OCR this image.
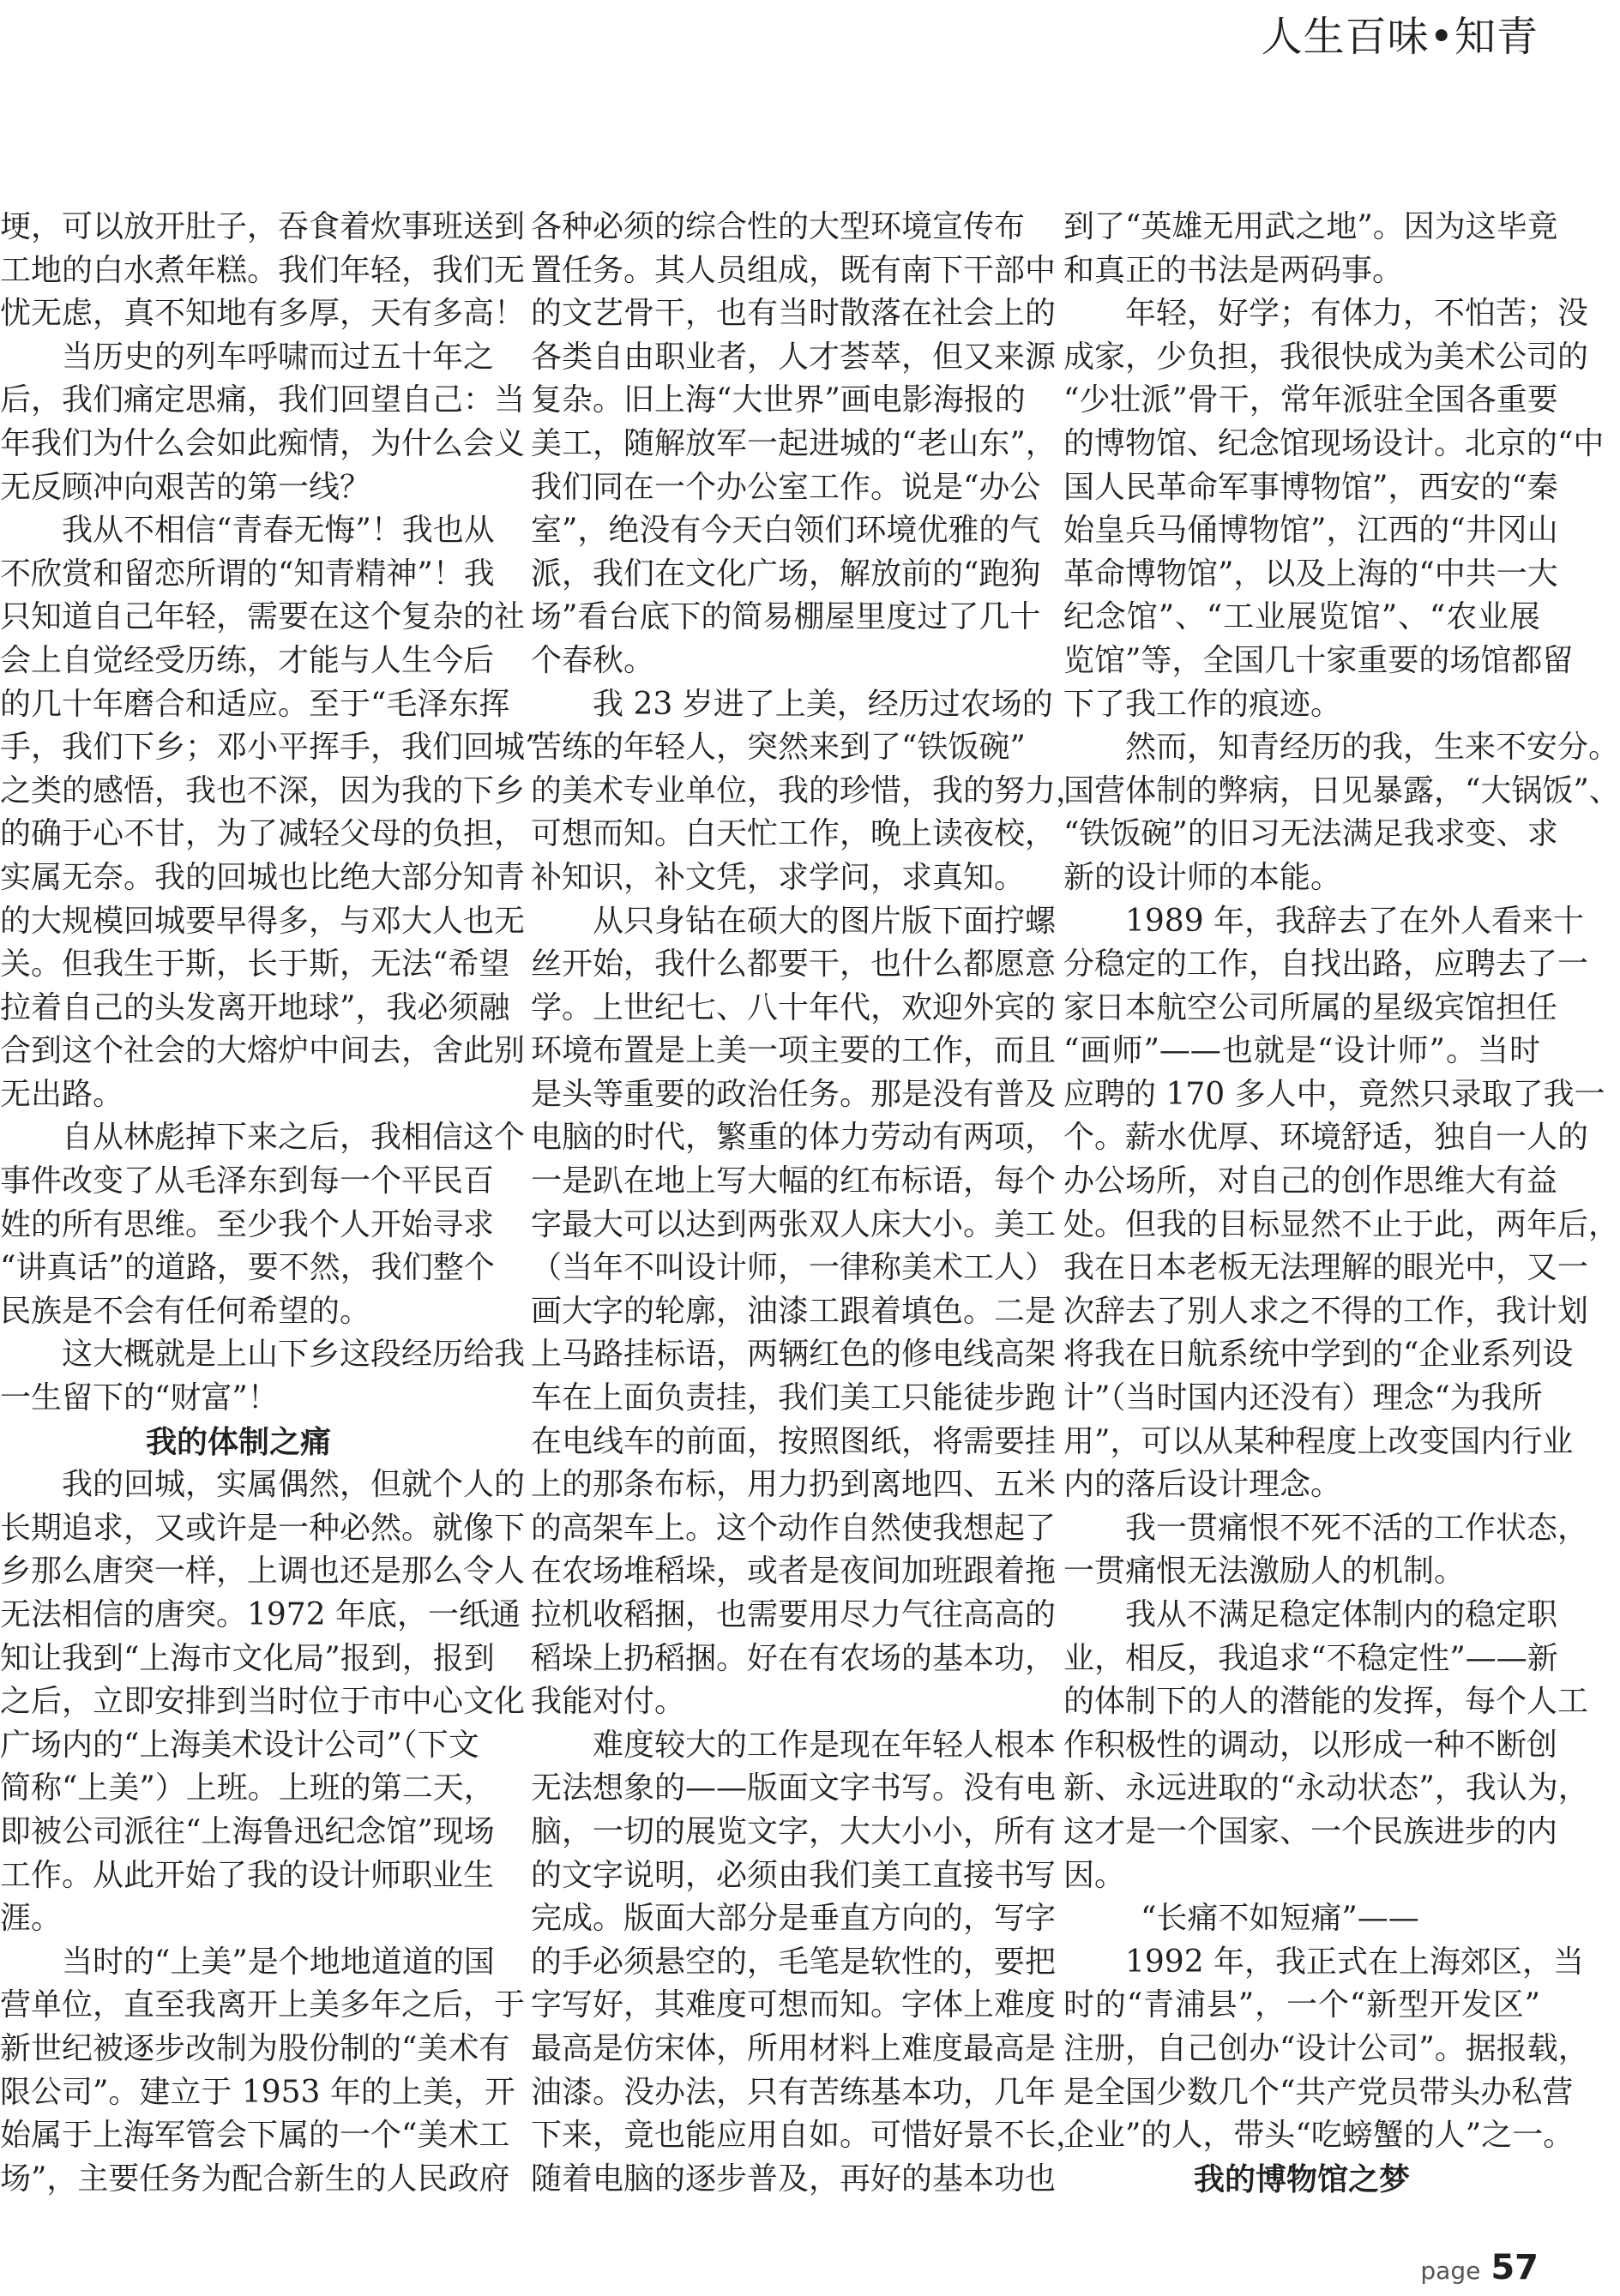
人生百味•知青
埂，可以放开肚子，吞食着炊事班送到
工地的白水煮年糕。我们年轻，我们无
忧无虑，真不知地有多厚，天有多高！
当历史的列车呼啸而过五十年之
后，我们痛定思痛，我们回望自己：当
年我们为什么会如此痴情，为什么会义
无反顾冲向艰苦的第一线？
我从不相信“青春无悔”！我也从
不欣赏和留恋所谓的“知青精神”！我
只知道自己年轻，需要在这个复杂的社
会上自觉经受历练，才能与人生今后
的几十年磨合和适应。至于“毛泽东挥
手，我们下乡；邓小平挥手，我们回城”
之类的感悟，我也不深，因为我的下乡
的确于心不甘，为了减轻父母的负担，
实属无奈。我的回城也比绝大部分知青
的大规模回城要早得多，与邓大人也无
关。但我生于斯，长于斯，无法“希望
拉着自己的头发离开地球”，我必须融
合到这个社会的大熔炉中间去，舍此别
无出路。
自从林彪掉下来之后，我相信这个
事件改变了从毛泽东到每一个平民百
姓的所有思维。至少我个人开始寻求
“讲真话”的道路，要不然，我们整个
民族是不会有任何希望的。
这大概就是上山下乡这段经历给我
一生留下的“财富”！
我的体制之痛
我的回城，实属偶然，但就个人的
长期追求，又或许是一种必然。就像下
乡那么唐突一样，上调也还是那么令人
无法相信的唐突。1972 年底，一纸通
知让我到“上海市文化局”报到，报到
之后，立即安排到当时位于市中心文化
广场内的“上海美术设计公司”（下文
简称“上美”）上班。上班的第二天，
即被公司派往“上海鲁迅纪念馆”现场
工作。从此开始了我的设计师职业生
涯。
当时的“上美”是个地地道道的国
营单位，直至我离开上美多年之后，于
新世纪被逐步改制为股份制的“美术有
限公司”。建立于 1953 年的上美，开
始属于上海军管会下属的一个“美术工
场”，主要任务为配合新生的人民政府
各种必须的综合性的大型环境宣传布
置任务。其人员组成，既有南下干部中
的文艺骨干，也有当时散落在社会上的
各类自由职业者，人才荟萃，但又来源
复杂。旧上海“大世界”画电影海报的
美工，随解放军一起进城的“老山东”，
我们同在一个办公室工作。说是“办公
室”，绝没有今天白领们环境优雅的气
派，我们在文化广场，解放前的“跑狗
场”看台底下的简易棚屋里度过了几十
个春秋。
我 23 岁进了上美，经历过农场的
苦练的年轻人，突然来到了“铁饭碗”
的美术专业单位，我的珍惜，我的努力，
可想而知。白天忙工作，晚上读夜校，
补知识，补文凭，求学问，求真知。
从只身钻在硕大的图片版下面拧螺
丝开始，我什么都要干，也什么都愿意
学。上世纪七、八十年代，欢迎外宾的
环境布置是上美一项主要的工作，而且
是头等重要的政治任务。那是没有普及
电脑的时代，繁重的体力劳动有两项，
一是趴在地上写大幅的红布标语，每个
字最大可以达到两张双人床大小。美工
（当年不叫设计师，一律称美术工人）
画大字的轮廓，油漆工跟着填色。二是
上马路挂标语，两辆红色的修电线高架
车在上面负责挂，我们美工只能徒步跑
在电线车的前面，按照图纸，将需要挂
上的那条布标，用力扔到离地四、五米
的高架车上。这个动作自然使我想起了
在农场堆稻垛，或者是夜间加班跟着拖
拉机收稻捆，也需要用尽力气往高高的
稻垛上扔稻捆。好在有农场的基本功，
我能对付。
难度较大的工作是现在年轻人根本
无法想象的——版面文字书写。没有电
脑，一切的展览文字，大大小小，所有
的文字说明，必须由我们美工直接书写
完成。版面大部分是垂直方向的，写字
的手必须悬空的，毛笔是软性的，要把
字写好，其难度可想而知。字体上难度
最高是仿宋体，所用材料上难度最高是
油漆。没办法，只有苦练基本功，几年
下来，竟也能应用自如。可惜好景不长，
随着电脑的逐步普及，再好的基本功也
到了“英雄无用武之地”。因为这毕竟
和真正的书法是两码事。
年轻，好学；有体力，不怕苦；没
成家，少负担，我很快成为美术公司的
“少壮派”骨干，常年派驻全国各重要
的博物馆、纪念馆现场设计。北京的“中
国人民革命军事博物馆”，西安的“秦
始皇兵马俑博物馆”，江西的“井冈山
革命博物馆”，以及上海的“中共一大
纪念馆”、“工业展览馆”、“农业展
览馆”等，全国几十家重要的场馆都留
下了我工作的痕迹。
然而，知青经历的我，生来不安分。
国营体制的弊病，日见暴露，“大锅饭”、
“铁饭碗”的旧习无法满足我求变、求
新的设计师的本能。
1989 年，我辞去了在外人看来十
分稳定的工作，自找出路，应聘去了一
家日本航空公司所属的星级宾馆担任
“画师”——也就是“设计师”。当时
应聘的 170 多人中，竟然只录取了我一
个。薪水优厚、环境舒适，独自一人的
办公场所，对自己的创作思维大有益
处。但我的目标显然不止于此，两年后，
我在日本老板无法理解的眼光中，又一
次辞去了别人求之不得的工作，我计划
将我在日航系统中学到的“企业系列设
计”（当时国内还没有）理念“为我所
用”，可以从某种程度上改变国内行业
内的落后设计理念。
我一贯痛恨不死不活的工作状态，
一贯痛恨无法激励人的机制。
我从不满足稳定体制内的稳定职
业，相反，我追求“不稳定性”——新
的体制下的人的潜能的发挥，每个人工
作积极性的调动，以形成一种不断创
新、永远进取的“永动状态”，我认为，
这才是一个国家、一个民族进步的内
因。
“长痛不如短痛”——
1992 年，我正式在上海郊区，当
时的“青浦县”，一个“新型开发区”
注册，自己创办“设计公司”。据报载，
是全国少数几个“共产党员带头办私营
企业”的人，带头“吃螃蟹的人”之一。
我的博物馆之梦
page 57
